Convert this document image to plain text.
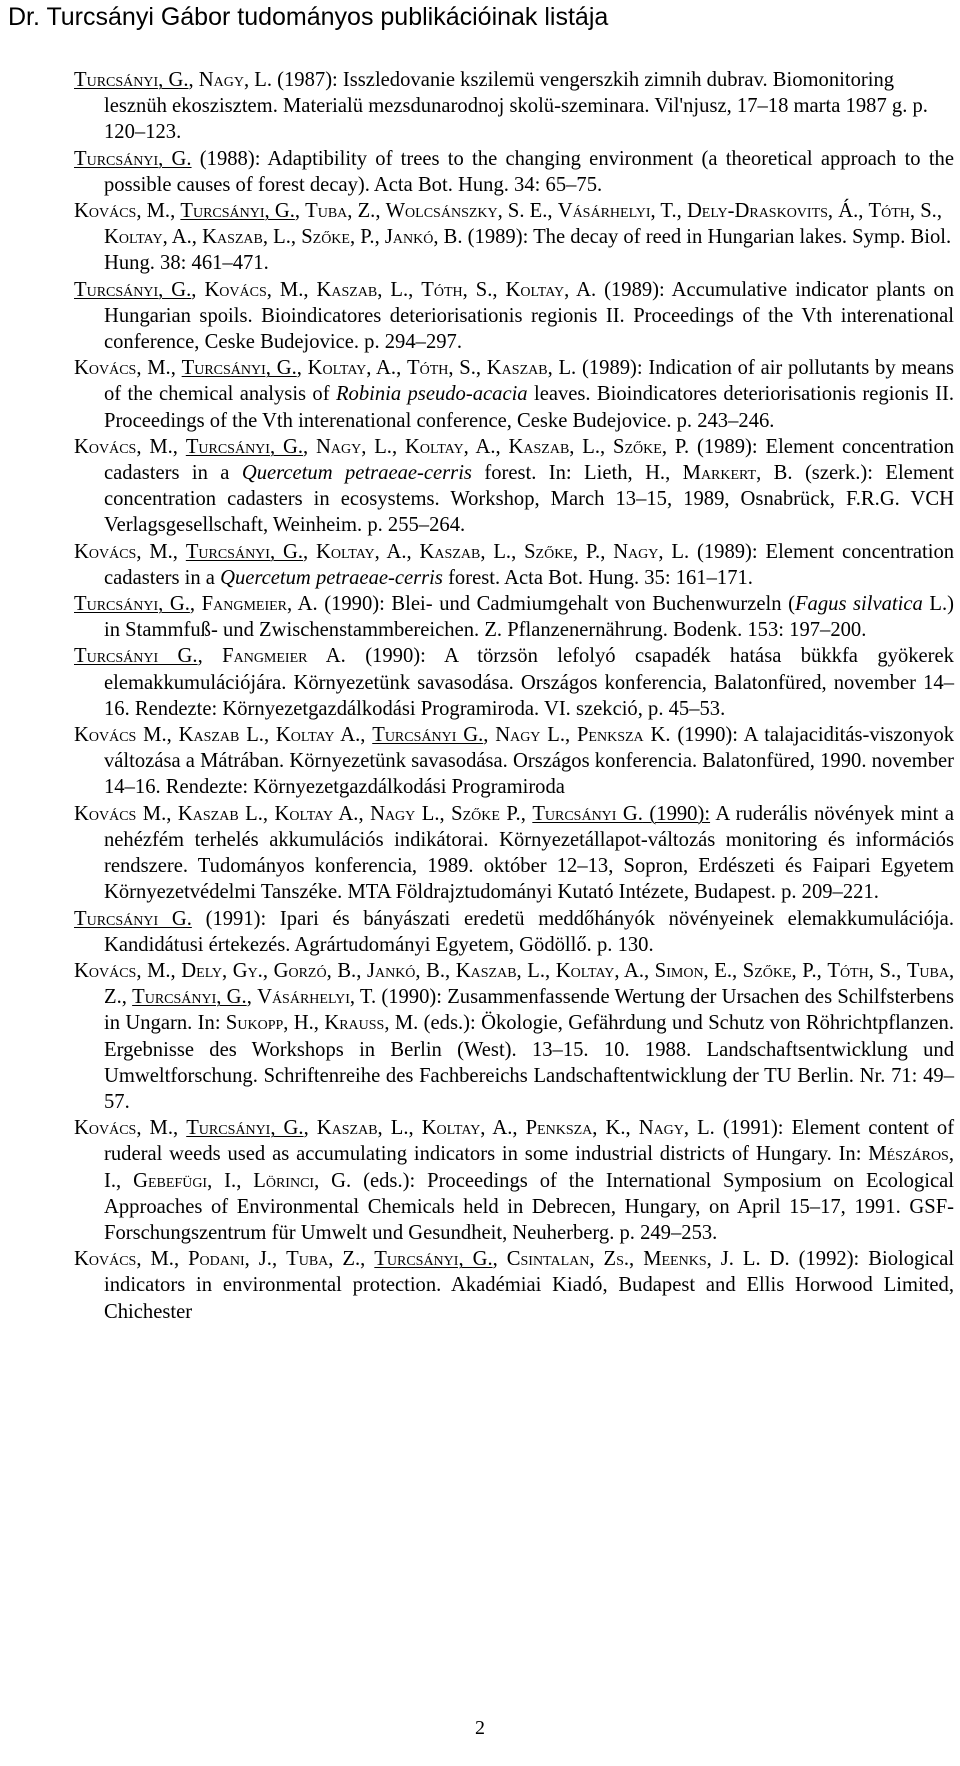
Dr. Turcsányi Gábor tudományos publikációinak listája

Turcsányi, G., Nagy, L. (1987): Isszledovanie kszilemü vengerszkih zimnih dubrav. Biomonitoring lesznüh ekoszisztem. Materialü mezsdunarodnoj skolü-szeminara. Vil'njusz, 17–18 marta 1987 g. p. 120–123.

Turcsányi, G. (1988): Adaptibility of trees to the changing environment (a theoretical approach to the possible causes of forest decay). Acta Bot. Hung. 34: 65–75.

Kovács, M., Turcsányi, G., Tuba, Z., Wolcsánszky, S. E., Vásárhelyi, T., Dely-Draskovits, Á., Tóth, S., Koltay, A., Kaszab, L., Szőke, P., Jankó, B. (1989): The decay of reed in Hungarian lakes. Symp. Biol. Hung. 38: 461–471.

Turcsányi, G., Kovács, M., Kaszab, L., Tóth, S., Koltay, A. (1989): Accumulative indicator plants on Hungarian spoils. Bioindicatores deteriorisationis regionis II. Proceedings of the Vth interenational conference, Ceske Budejovice. p. 294–297.

Kovács, M., Turcsányi, G., Koltay, A., Tóth, S., Kaszab, L. (1989): Indication of air pollutants by means of the chemical analysis of Robinia pseudo-acacia leaves. Bioindicatores deteriorisationis regionis II. Proceedings of the Vth interenational conference, Ceske Budejovice. p. 243–246.

Kovács, M., Turcsányi, G., Nagy, L., Koltay, A., Kaszab, L., Szőke, P. (1989): Element concentration cadasters in a Quercetum petraeae-cerris forest. In: Lieth, H., Markert, B. (szerk.): Element concentration cadasters in ecosystems. Workshop, March 13–15, 1989, Osnabrück, F.R.G. VCH Verlagsgesellschaft, Weinheim. p. 255–264.

Kovács, M., Turcsányi, G., Koltay, A., Kaszab, L., Szőke, P., Nagy, L. (1989): Element concentration cadasters in a Quercetum petraeae-cerris forest. Acta Bot. Hung. 35: 161–171.

Turcsányi, G., Fangmeier, A. (1990): Blei- und Cadmiumgehalt von Buchenwurzeln (Fagus silvatica L.) in Stammfuß- und Zwischenstammbereichen. Z. Pflanzenernährung. Bodenk. 153: 197–200.

Turcsányi G., Fangmeier A. (1990): A törzsön lefolyó csapadék hatása bükkfa gyökerek elemakkumulációjára. Környezetünk savasodása. Országos konferencia, Balatonfüred, november 14–16. Rendezte: Környezetgazdálkodási Programiroda. VI. szekció, p. 45–53.

Kovács M., Kaszab L., Koltay A., Turcsányi G., Nagy L., Penksza K. (1990): A talajaciditás-viszonyok változása a Mátrában. Környezetünk savasodása. Országos konferencia. Balatonfüred, 1990. november 14–16. Rendezte: Környezetgazdálkodási Programiroda

Kovács M., Kaszab L., Koltay A., Nagy L., Szőke P., Turcsányi G. (1990): A ruderális növények mint a nehézfém terhelés akkumulációs indikátorai. Környezetállapot-változás monitoring és információs rendszere. Tudományos konferencia, 1989. október 12–13, Sopron, Erdészeti és Faipari Egyetem Környezetvédelmi Tanszéke. MTA Földrajztudományi Kutató Intézete, Budapest. p. 209–221.

Turcsányi G. (1991): Ipari és bányászati eredetü meddőhányók növényeinek elemakkumulációja. Kandidátusi értekezés. Agrártudományi Egyetem, Gödöllő. p. 130.

Kovács, M., Dely, Gy., Gorzó, B., Jankó, B., Kaszab, L., Koltay, A., Simon, E., Szőke, P., Tóth, S., Tuba, Z., Turcsányi, G., Vásárhelyi, T. (1990): Zusammenfassende Wertung der Ursachen des Schilfsterbens in Ungarn. In: Sukopp, H., Krauss, M. (eds.): Ökologie, Gefährdung und Schutz von Röhrichtpflanzen. Ergebnisse des Workshops in Berlin (West). 13–15. 10. 1988. Landschaftsentwicklung und Umweltforschung. Schriftenreihe des Fachbereichs Landschaftentwicklung der TU Berlin. Nr. 71: 49–57.

Kovács, M., Turcsányi, G., Kaszab, L., Koltay, A., Penksza, K., Nagy, L. (1991): Element content of ruderal weeds used as accumulating indicators in some industrial districts of Hungary. In: Mészáros, I., Gebefügi, I., Lörinci, G. (eds.): Proceedings of the International Symposium on Ecological Approaches of Environmental Chemicals held in Debrecen, Hungary, on April 15–17, 1991. GSF-Forschungszentrum für Umwelt und Gesundheit, Neuherberg. p. 249–253.

Kovács, M., Podani, J., Tuba, Z., Turcsányi, G., Csintalan, Zs., Meenks, J. L. D. (1992): Biological indicators in environmental protection. Akadémiai Kiadó, Budapest and Ellis Horwood Limited, Chichester

2
